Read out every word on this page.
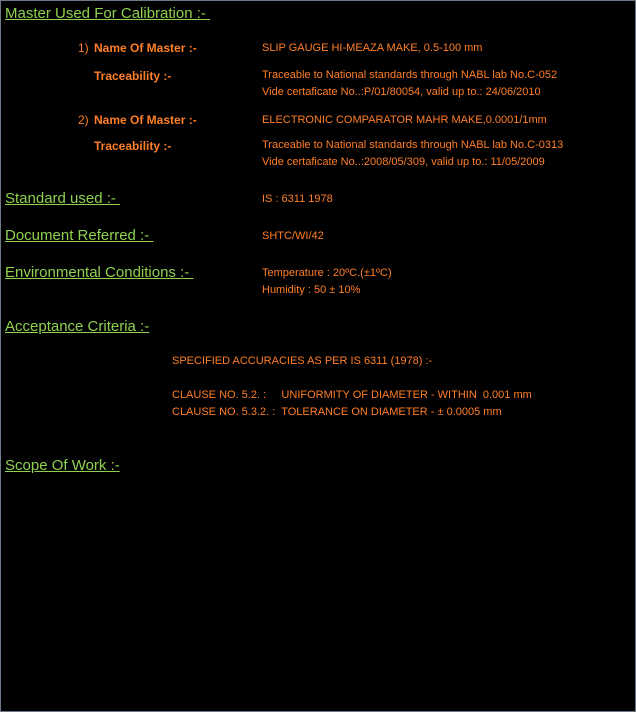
Master Used For Calibration :-
1) Name Of Master :-	SLIP GAUGE HI-MEAZA MAKE, 0.5-100 mm
Traceability :-	Traceable to National standards through NABL lab No.C-052
Vide certaficate No..:P/01/80054, valid up to.: 24/06/2010
2) Name Of Master :-	ELECTRONIC COMPARATOR MAHR MAKE,0.0001/1mm
Traceability :-	Traceable to National standards through NABL lab No.C-0313
Vide certaficate No..:2008/05/309, valid up to.: 11/05/2009
Standard used :-	IS : 6311 1978
Document Referred :-	SHTC/WI/42
Environmental Conditions :-	Temperature : 20ºC.(±1ºC)
Humidity : 50 ± 10%
Acceptance Criteria :-
SPECIFIED ACCURACIES AS PER IS 6311 (1978) :-
CLAUSE NO. 5.2. :     UNIFORMITY OF DIAMETER - WITHIN  0.001 mm
CLAUSE NO. 5.3.2. :  TOLERANCE ON DIAMETER - ± 0.0005 mm
Scope Of Work :-
